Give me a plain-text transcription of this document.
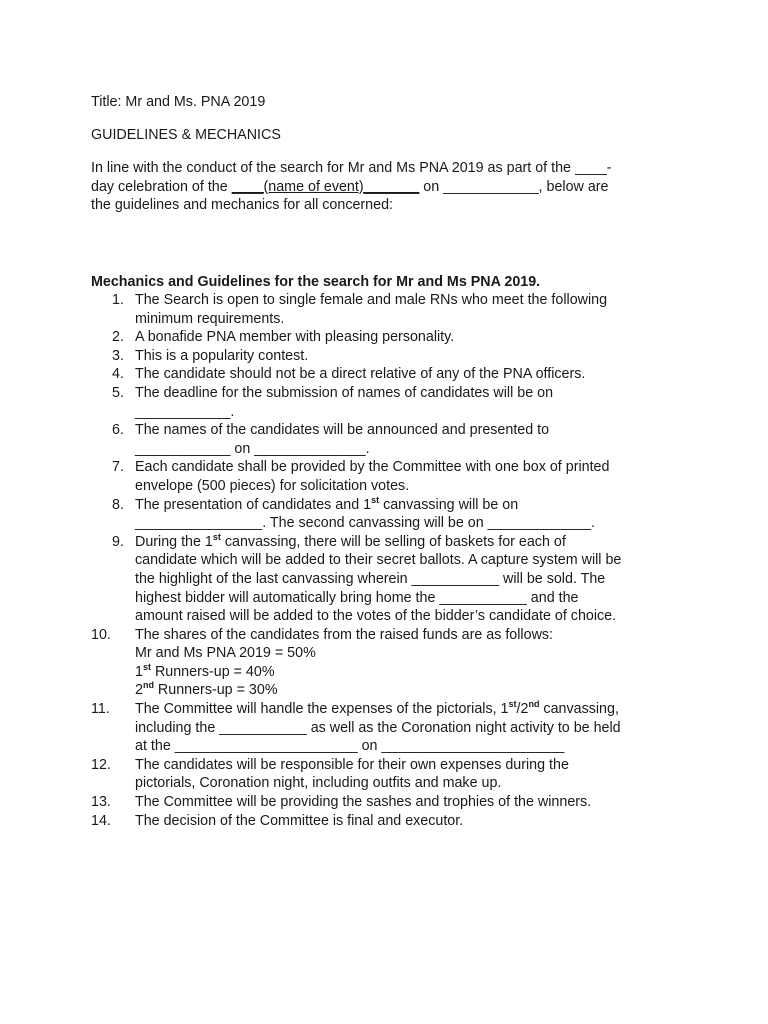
Title: Mr and Ms. PNA 2019
GUIDELINES & MECHANICS

In line with the conduct of the search for Mr and Ms PNA 2019 as part of the ____-
day celebration of the ____(name of event)_______ on ____________, below are
the guidelines and mechanics for all concerned:

Mechanics and Guidelines for the search for Mr and Ms PNA 2019.
1. The Search is open to single female and male RNs who meet the following
minimum requirements.
2. A bonafide PNA member with pleasing personality.
3. This is a popularity contest.
4. The candidate should not be a direct relative of any of the PNA officers.
5. The deadline for the submission of names of candidates will be on
____________.
6. The names of the candidates will be announced and presented to
____________ on ______________.
7. Each candidate shall be provided by the Committee with one box of printed
envelope (500 pieces) for solicitation votes.
8. The presentation of candidates and 1st canvassing will be on
________________. The second canvassing will be on _____________.
9. During the 1st canvassing, there will be selling of baskets for each of
candidate which will be added to their secret ballots. A capture system will be
the highlight of the last canvassing wherein ___________ will be sold. The
highest bidder will automatically bring home the ___________ and the
amount raised will be added to the votes of the bidder’s candidate of choice.
10. The shares of the candidates from the raised funds are as follows:
Mr and Ms PNA 2019 = 50%
1st Runners-up = 40%
2nd Runners-up = 30%
11. The Committee will handle the expenses of the pictorials, 1st/2nd canvassing,
including the ___________ as well as the Coronation night activity to be held
at the _______________________ on _______________________
12. The candidates will be responsible for their own expenses during the
pictorials, Coronation night, including outfits and make up.
13. The Committee will be providing the sashes and trophies of the winners.
14. The decision of the Committee is final and executor.
